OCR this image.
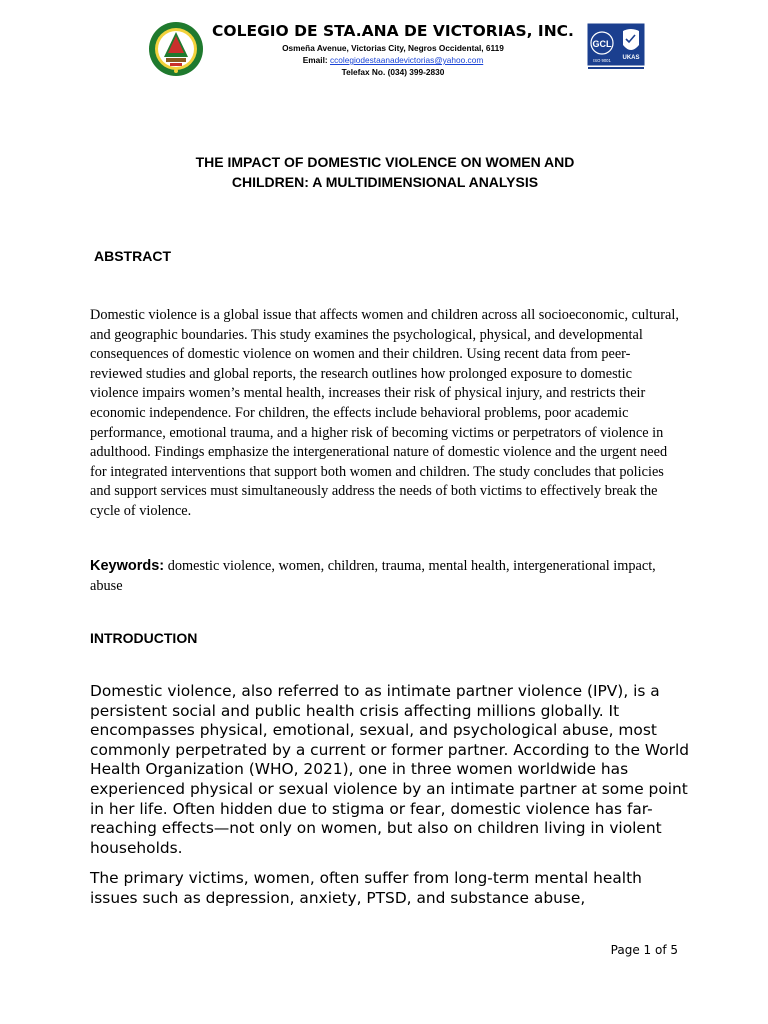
COLEGIO DE STA.ANA DE VICTORIAS, INC.
Osmeña Avenue, Victorias City, Negros Occidental, 6119
Email: ccolegiodestaanadevictorias@yahoo.com
Telefax No. (034) 399-2830
GCL
UKAS
ISO 9001
THE IMPACT OF DOMESTIC VIOLENCE ON WOMEN AND
CHILDREN: A MULTIDIMENSIONAL ANALYSIS
ABSTRACT
Domestic violence is a global issue that affects women and children across all socioeconomic, cultural, and geographic boundaries. This study examines the psychological, physical, and developmental consequences of domestic violence on women and their children. Using recent data from peer-reviewed studies and global reports, the research outlines how prolonged exposure to domestic violence impairs women’s mental health, increases their risk of physical injury, and restricts their economic independence. For children, the effects include behavioral problems, poor academic performance, emotional trauma, and a higher risk of becoming victims or perpetrators of violence in adulthood. Findings emphasize the intergenerational nature of domestic violence and the urgent need for integrated interventions that support both women and children. The study concludes that policies and support services must simultaneously address the needs of both victims to effectively break the cycle of violence.
Keywords: domestic violence, women, children, trauma, mental health, intergenerational impact, abuse
INTRODUCTION

Domestic violence, also referred to as intimate partner violence (IPV), is a persistent social and public health crisis affecting millions globally. It encompasses physical, emotional, sexual, and psychological abuse, most commonly perpetrated by a current or former partner. According to the World Health Organization (WHO, 2021), one in three women worldwide has experienced physical or sexual violence by an intimate partner at some point in her life. Often hidden due to stigma or fear, domestic violence has far-reaching effects—not only on women, but also on children living in violent households.

The primary victims, women, often suffer from long-term mental health issues such as depression, anxiety, PTSD, and substance abuse,

Page 1 of 5
